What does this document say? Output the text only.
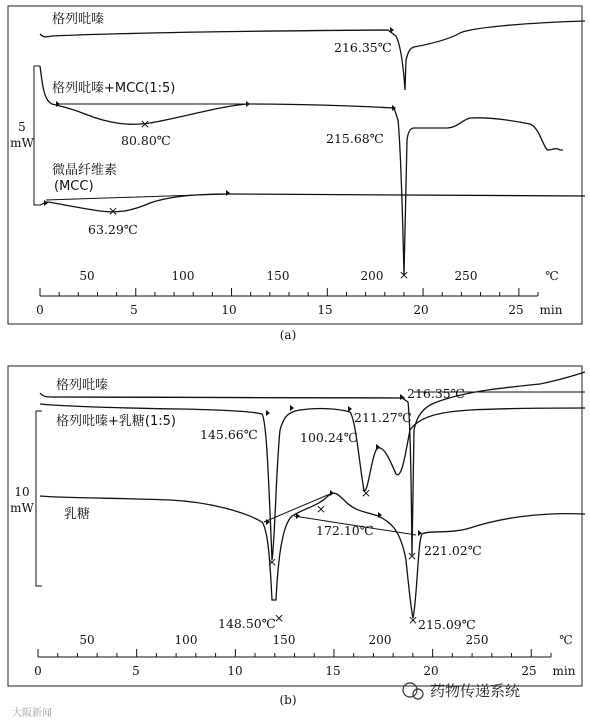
5
mW
×
×
×
格列吡嗪
格列吡嗪+MCC(1:5)
微晶纤维素
(MCC)
216.35℃
80.80℃	215.68℃
63.29℃
50	100	150	200	250	℃
0	5	10	15	20	25 min
(a)
10
mW
×
×
×
×
×
×
格列吡嗪
格列吡嗪+乳糖(1:5)
乳糖
216.35℃
145.66℃	100.24℃
211.27℃
148.50℃
172.10℃
221.02℃
215.09℃
50	100	150	200	250	℃
0	5	10	15	20	25 min
(b)	药物传递系统
大阪新闻
